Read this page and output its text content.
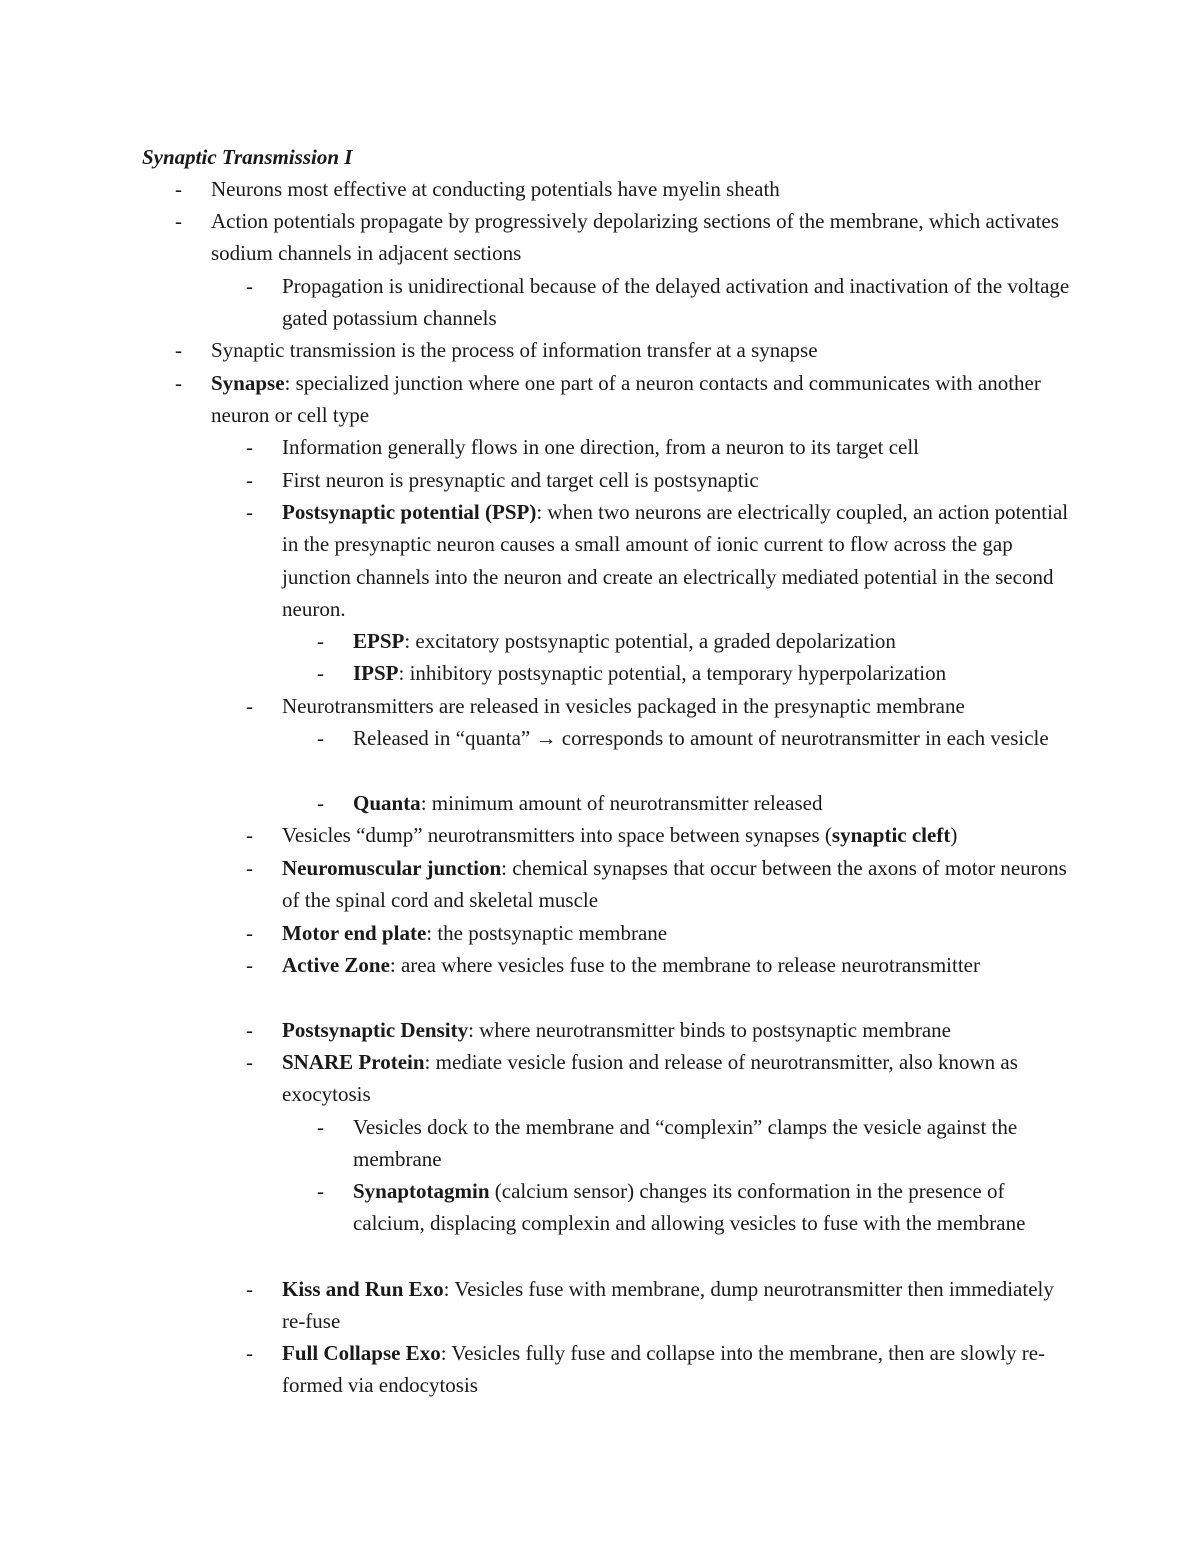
Synaptic Transmission I
- Neurons most effective at conducting potentials have myelin sheath
- Action potentials propagate by progressively depolarizing sections of the membrane, which activates sodium channels in adjacent sections
- Propagation is unidirectional because of the delayed activation and inactivation of the voltage gated potassium channels
- Synaptic transmission is the process of information transfer at a synapse
- Synapse: specialized junction where one part of a neuron contacts and communicates with another neuron or cell type
- Information generally flows in one direction, from a neuron to its target cell
- First neuron is presynaptic and target cell is postsynaptic
- Postsynaptic potential (PSP): when two neurons are electrically coupled, an action potential in the presynaptic neuron causes a small amount of ionic current to flow across the gap junction channels into the neuron and create an electrically mediated potential in the second neuron.
- EPSP: excitatory postsynaptic potential, a graded depolarization
- IPSP: inhibitory postsynaptic potential, a temporary hyperpolarization
- Neurotransmitters are released in vesicles packaged in the presynaptic membrane
- Released in “quanta” → corresponds to amount of neurotransmitter in each vesicle
- Quanta: minimum amount of neurotransmitter released
- Vesicles “dump” neurotransmitters into space between synapses (synaptic cleft)
- Neuromuscular junction: chemical synapses that occur between the axons of motor neurons of the spinal cord and skeletal muscle
- Motor end plate: the postsynaptic membrane
- Active Zone: area where vesicles fuse to the membrane to release neurotransmitter
- Postsynaptic Density: where neurotransmitter binds to postsynaptic membrane
- SNARE Protein: mediate vesicle fusion and release of neurotransmitter, also known as exocytosis
- Vesicles dock to the membrane and “complexin” clamps the vesicle against the membrane
- Synaptotagmin (calcium sensor) changes its conformation in the presence of calcium, displacing complexin and allowing vesicles to fuse with the membrane
- Kiss and Run Exo: Vesicles fuse with membrane, dump neurotransmitter then immediately re-fuse
- Full Collapse Exo: Vesicles fully fuse and collapse into the membrane, then are slowly re-formed via endocytosis
